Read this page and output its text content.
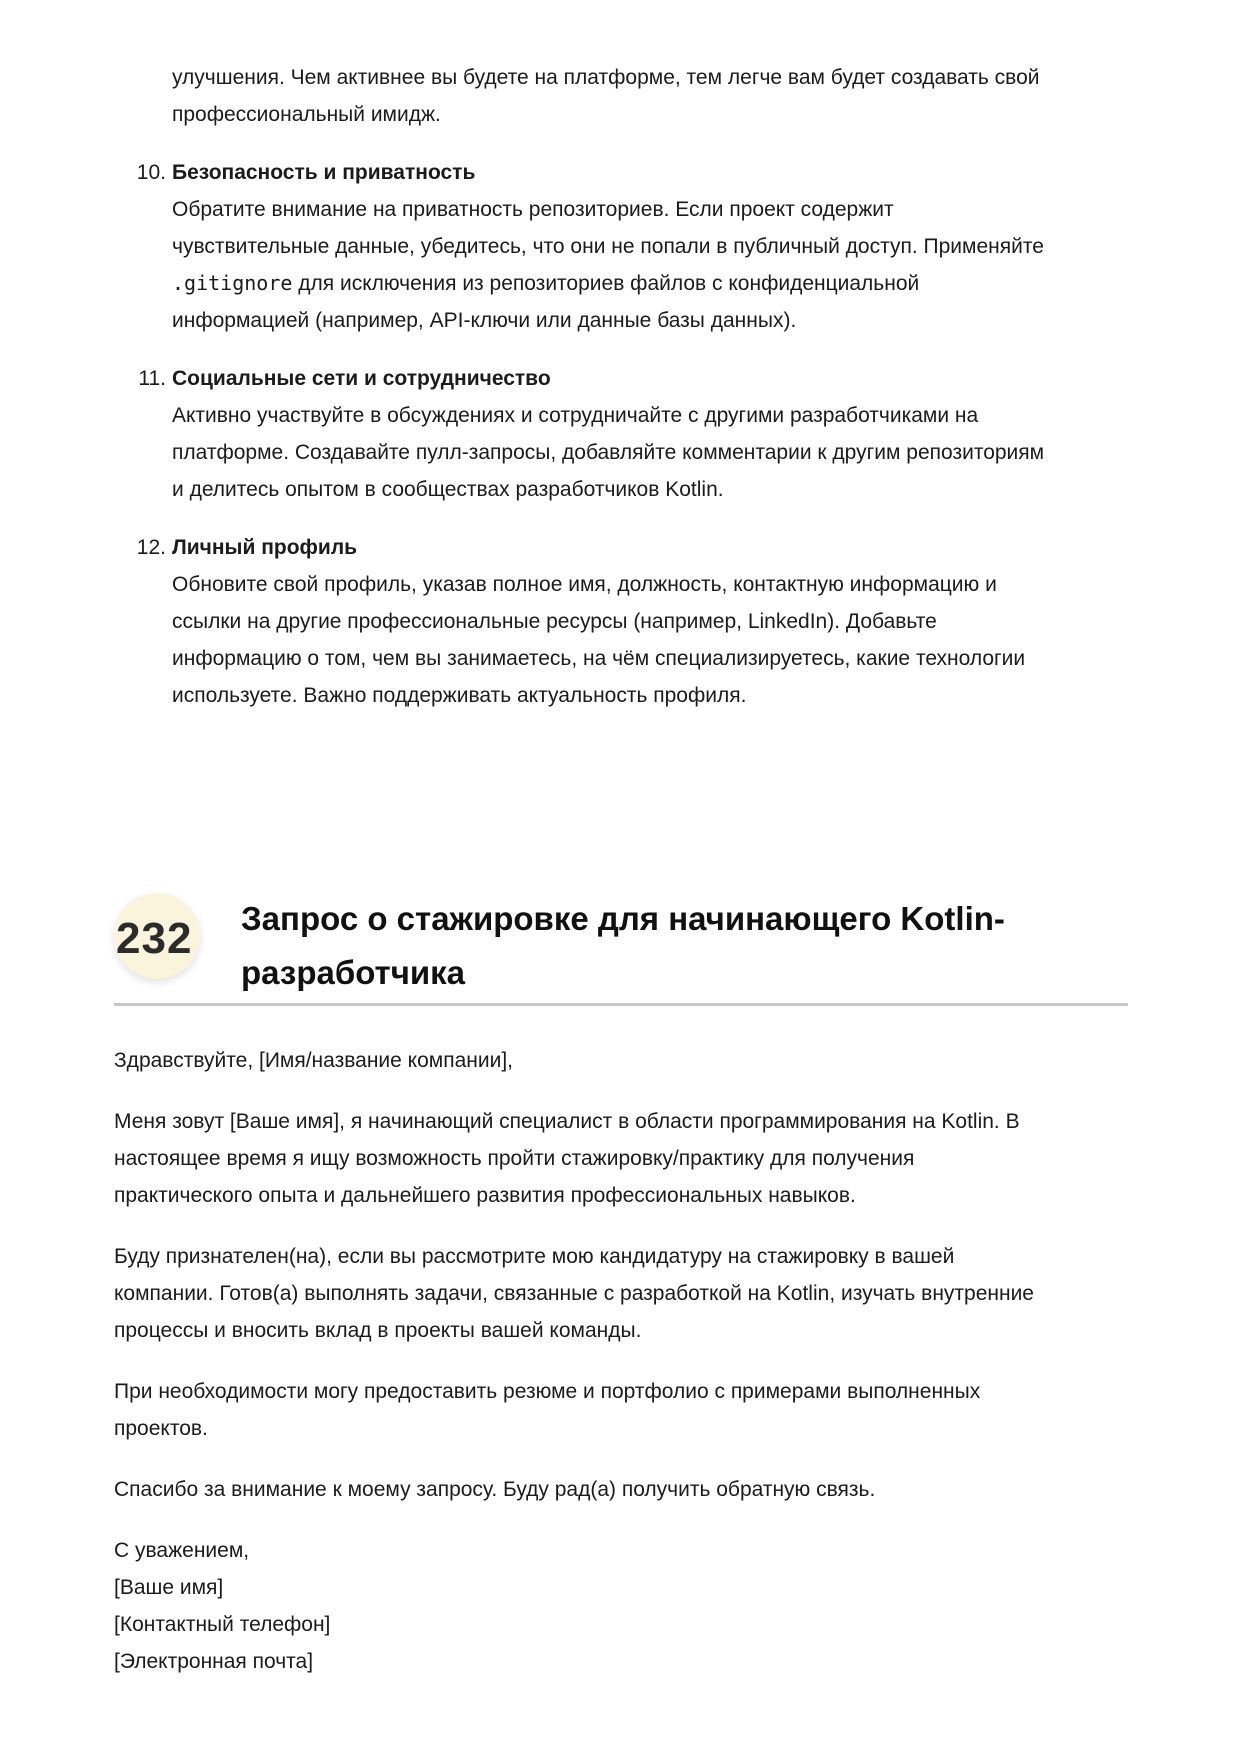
улучшения. Чем активнее вы будете на платформе, тем легче вам будет создавать свой
профессиональный имидж.
10. Безопасность и приватность
Обратите внимание на приватность репозиториев. Если проект содержит
чувствительные данные, убедитесь, что они не попали в публичный доступ. Применяйте
.gitignore для исключения из репозиториев файлов с конфиденциальной
информацией (например, API-ключи или данные базы данных).
11. Социальные сети и сотрудничество
Активно участвуйте в обсуждениях и сотрудничайте с другими разработчиками на
платформе. Создавайте пулл-запросы, добавляйте комментарии к другим репозиториям
и делитесь опытом в сообществах разработчиков Kotlin.
12. Личный профиль
Обновите свой профиль, указав полное имя, должность, контактную информацию и
ссылки на другие профессиональные ресурсы (например, LinkedIn). Добавьте
информацию о том, чем вы занимаетесь, на чём специализируетесь, какие технологии
используете. Важно поддерживать актуальность профиля.
232 Запрос о стажировке для начинающего Kotlin-
разработчика

Здравствуйте, [Имя/название компании],

Меня зовут [Ваше имя], я начинающий специалист в области программирования на Kotlin. В
настоящее время я ищу возможность пройти стажировку/практику для получения
практического опыта и дальнейшего развития профессиональных навыков.

Буду признателен(на), если вы рассмотрите мою кандидатуру на стажировку в вашей
компании. Готов(а) выполнять задачи, связанные с разработкой на Kotlin, изучать внутренние
процессы и вносить вклад в проекты вашей команды.

При необходимости могу предоставить резюме и портфолио с примерами выполненных
проектов.

Спасибо за внимание к моему запросу. Буду рад(а) получить обратную связь.

С уважением,
[Ваше имя]
[Контактный телефон]
[Электронная почта]
